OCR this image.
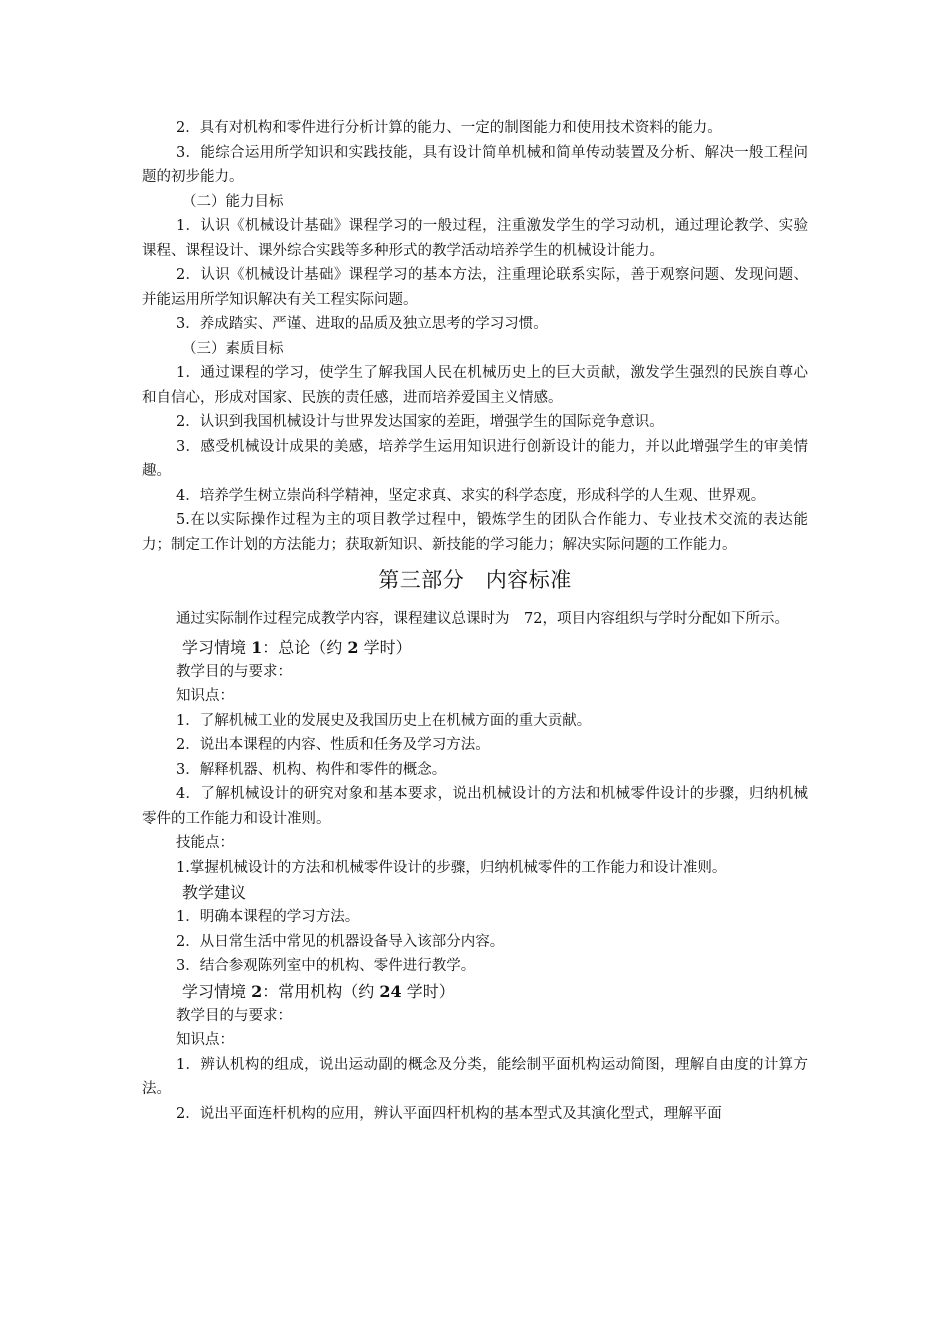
2．具有对机构和零件进行分析计算的能力、一定的制图能力和使用技术资料的能力。

3．能综合运用所学知识和实践技能，具有设计简单机械和简单传动装置及分析、解决一般工程问题的初步能力。

（二）能力目标

1．认识《机械设计基础》课程学习的一般过程，注重激发学生的学习动机，通过理论教学、实验课程、课程设计、课外综合实践等多种形式的教学活动培养学生的机械设计能力。

2．认识《机械设计基础》课程学习的基本方法，注重理论联系实际，善于观察问题、发现问题、并能运用所学知识解决有关工程实际问题。

3．养成踏实、严谨、进取的品质及独立思考的学习习惯。

（三）素质目标

1．通过课程的学习，使学生了解我国人民在机械历史上的巨大贡献，激发学生强烈的民族自尊心和自信心，形成对国家、民族的责任感，进而培养爱国主义情感。

2．认识到我国机械设计与世界发达国家的差距，增强学生的国际竞争意识。

3．感受机械设计成果的美感，培养学生运用知识进行创新设计的能力，并以此增强学生的审美情趣。

4．培养学生树立崇尚科学精神，坚定求真、求实的科学态度，形成科学的人生观、世界观。

5.在以实际操作过程为主的项目教学过程中，锻炼学生的团队合作能力、专业技术交流的表达能力；制定工作计划的方法能力；获取新知识、新技能的学习能力；解决实际问题的工作能力。

第三部分　内容标准

通过实际制作过程完成教学内容，课程建议总课时为　72，项目内容组织与学时分配如下所示。

学习情境 1：总论（约 2 学时）

教学目的与要求：

知识点：

1．了解机械工业的发展史及我国历史上在机械方面的重大贡献。

2．说出本课程的内容、性质和任务及学习方法。

3．解释机器、机构、构件和零件的概念。

4．了解机械设计的研究对象和基本要求，说出机械设计的方法和机械零件设计的步骤，归纳机械零件的工作能力和设计准则。

技能点：

1.掌握机械设计的方法和机械零件设计的步骤，归纳机械零件的工作能力和设计准则。

教学建议

1．明确本课程的学习方法。

2．从日常生活中常见的机器设备导入该部分内容。

3．结合参观陈列室中的机构、零件进行教学。

学习情境 2：常用机构（约 24 学时）

教学目的与要求：

知识点：

1．辨认机构的组成，说出运动副的概念及分类，能绘制平面机构运动简图，理解自由度的计算方法。

2．说出平面连杆机构的应用，辨认平面四杆机构的基本型式及其演化型式，理解平面
